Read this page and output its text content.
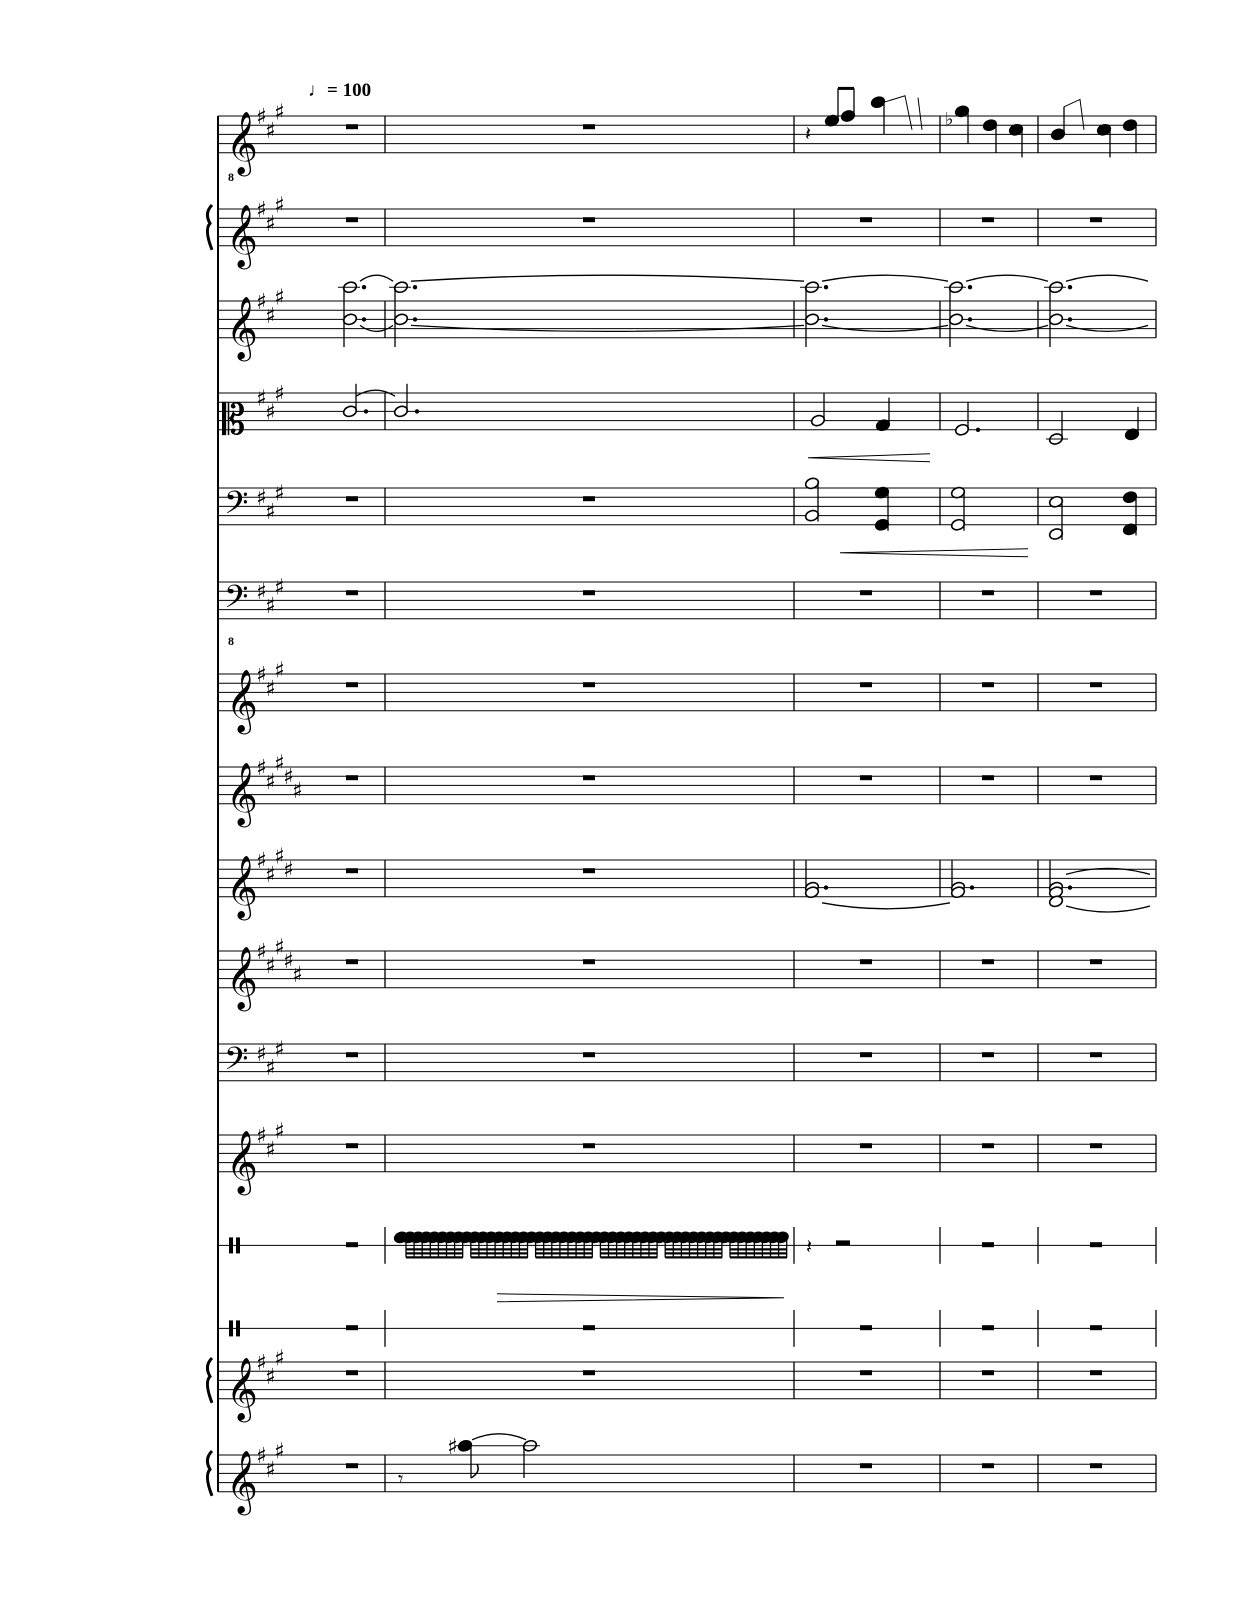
♩= 100
𝄞
8
♯
♯
♯
𝄞
♯
♯
♯
𝄞
♯
♯
♯
𝄡 ♯
♯
♯
𝄢 ♯
♯
♯
𝄢
8
♯
♯
♯
𝄞
♯
♯
♯
𝄞
♯
♯
♯
♯
♯
𝄞
♯
♯
♯
♯
𝄞
♯
♯
♯
♯
♯
𝄢 ♯
♯
♯
𝄞
♯
♯
♯
𝄞
♯
♯
♯
𝄞
♯
♯
♯
𝄽
♭
𝄽
𝄾
♯
